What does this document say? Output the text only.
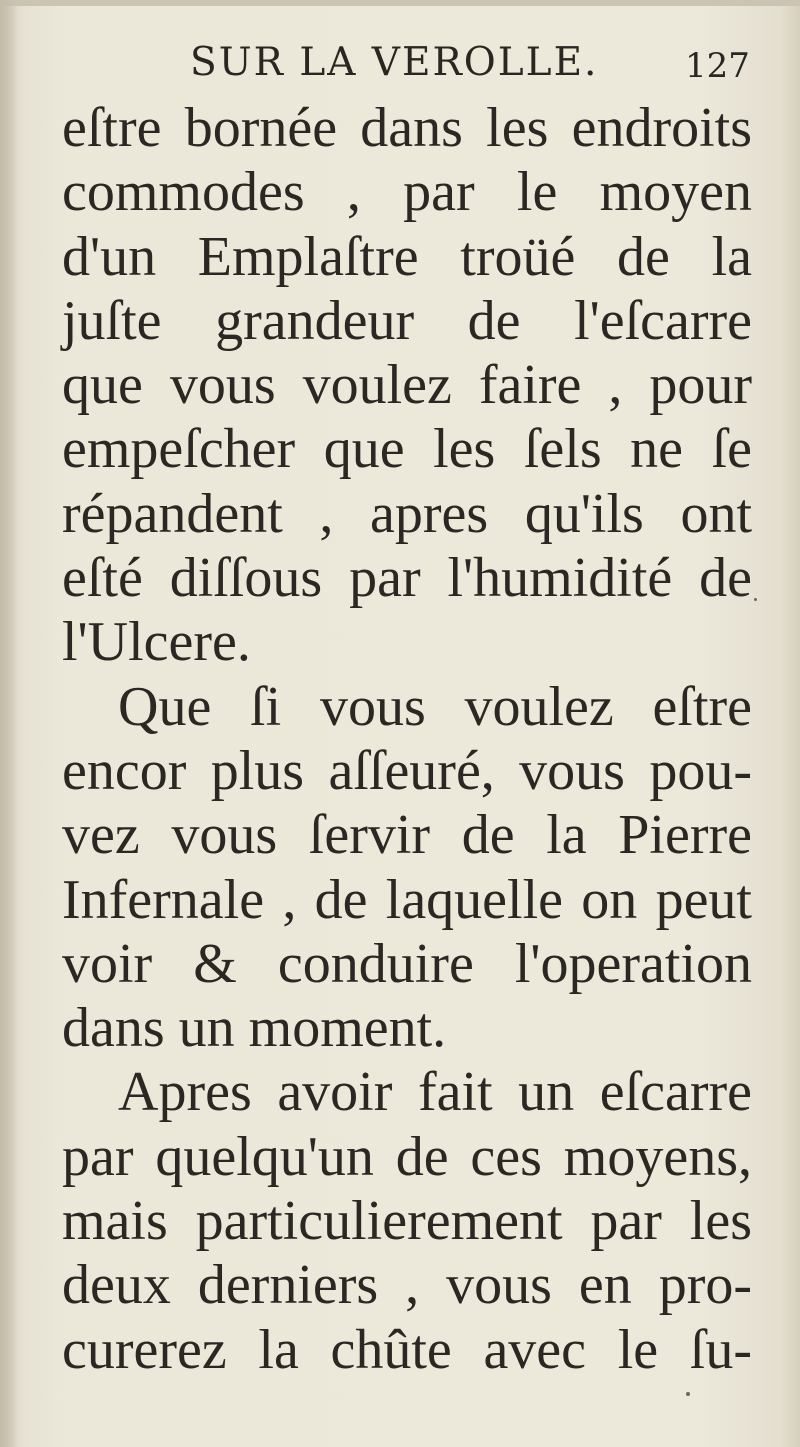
SUR LA VEROLLE.	127
eſtre bornée dans les endroits
commodes , par le moyen
d'un Emplaſtre troüé de la
juſte grandeur de l'eſcarre
que vous voulez faire , pour
empeſcher que les ſels ne ſe
répandent , apres qu'ils ont
eſté diſſous par l'humidité de
l'Ulcere.
Que ſi vous voulez eſtre
encor plus aſſeuré, vous pou-
vez vous ſervir de la Pierre
Infernale , de laquelle on peut
voir & conduire l'operation
dans un moment.
Apres avoir fait un eſcarre
par quelqu'un de ces moyens,
mais particulierement par les
deux derniers , vous en pro-
curerez la chûte avec le ſu-
